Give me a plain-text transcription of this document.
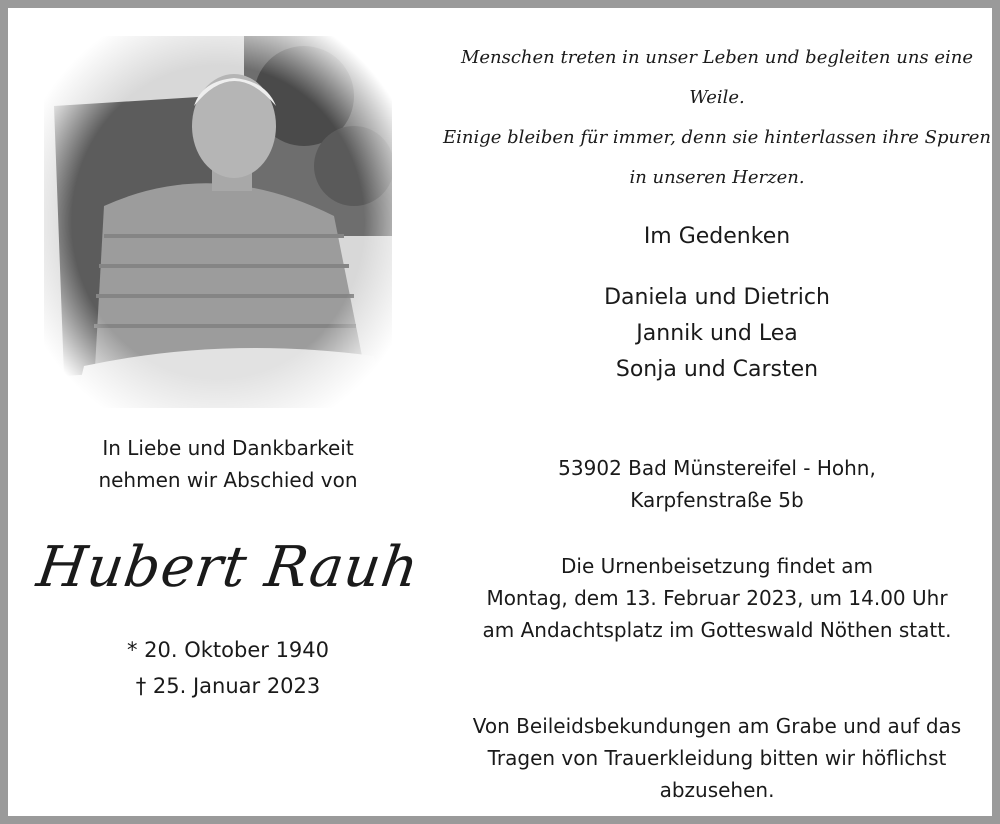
In Liebe und Dankbarkeit
nehmen wir Abschied von
Hubert Rauh
* 20. Oktober 1940
† 25. Januar 2023
Menschen treten in unser Leben und begleiten uns eine Weile.
Einige bleiben für immer, denn sie hinterlassen ihre Spuren
in unseren Herzen.
Im Gedenken
Daniela und Dietrich
Jannik und Lea
Sonja und Carsten
53902 Bad Münstereifel - Hohn,
Karpfenstraße 5b
Die Urnenbeisetzung findet am
Montag, dem 13. Februar 2023, um 14.00 Uhr
am Andachtsplatz im Gotteswald Nöthen statt.
Von Beileidsbekundungen am Grabe und auf das
Tragen von Trauerkleidung bitten wir höflichst
abzusehen.
